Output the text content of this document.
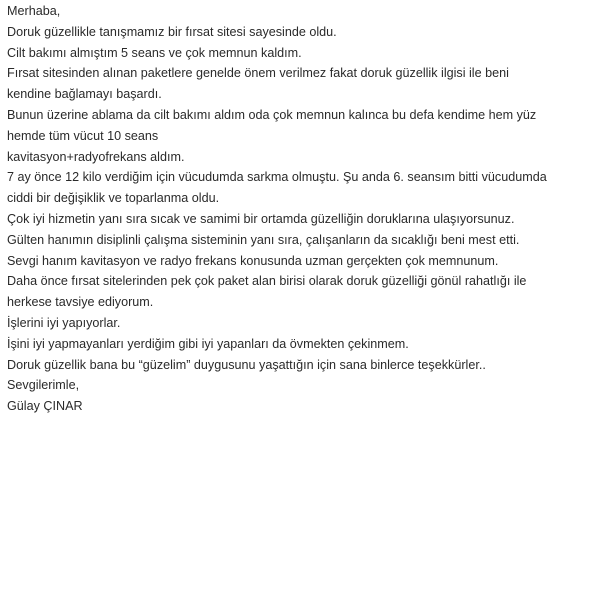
Merhaba,
Doruk güzellikle tanışmamız bir fırsat sitesi sayesinde oldu.
Cilt bakımı almıştım 5 seans ve çok memnun kaldım.
Fırsat sitesinden alınan paketlere genelde önem verilmez fakat doruk güzellik ilgisi ile beni
kendine bağlamayı başardı.
Bunun üzerine ablama da cilt bakımı aldım oda çok memnun kalınca bu defa kendime hem yüz
hemde tüm vücut 10 seans
kavitasyon+radyofrekans aldım.
7 ay önce 12 kilo verdiğim için vücudumda sarkma olmuştu. Şu anda 6. seansım bitti vücudumda
ciddi bir değişiklik ve toparlanma oldu.
Çok iyi hizmetin yanı sıra sıcak ve samimi bir ortamda güzelliğin doruklarına ulaşıyorsunuz.
Gülten hanımın disiplinli çalışma sisteminin yanı sıra, çalışanların da sıcaklığı beni mest etti.
Sevgi hanım kavitasyon ve radyo frekans konusunda uzman gerçekten çok memnunum.
Daha önce fırsat sitelerinden pek çok paket alan birisi olarak doruk güzelliği gönül rahatlığı ile
herkese tavsiye ediyorum.
İşlerini iyi yapıyorlar.
İşini iyi yapmayanları yerdiğim gibi iyi yapanları da övmekten çekinmem.
Doruk güzellik bana bu “güzelim” duygusunu yaşattığın için sana binlerce teşekkürler..
Sevgilerimle,
Gülay ÇINAR
